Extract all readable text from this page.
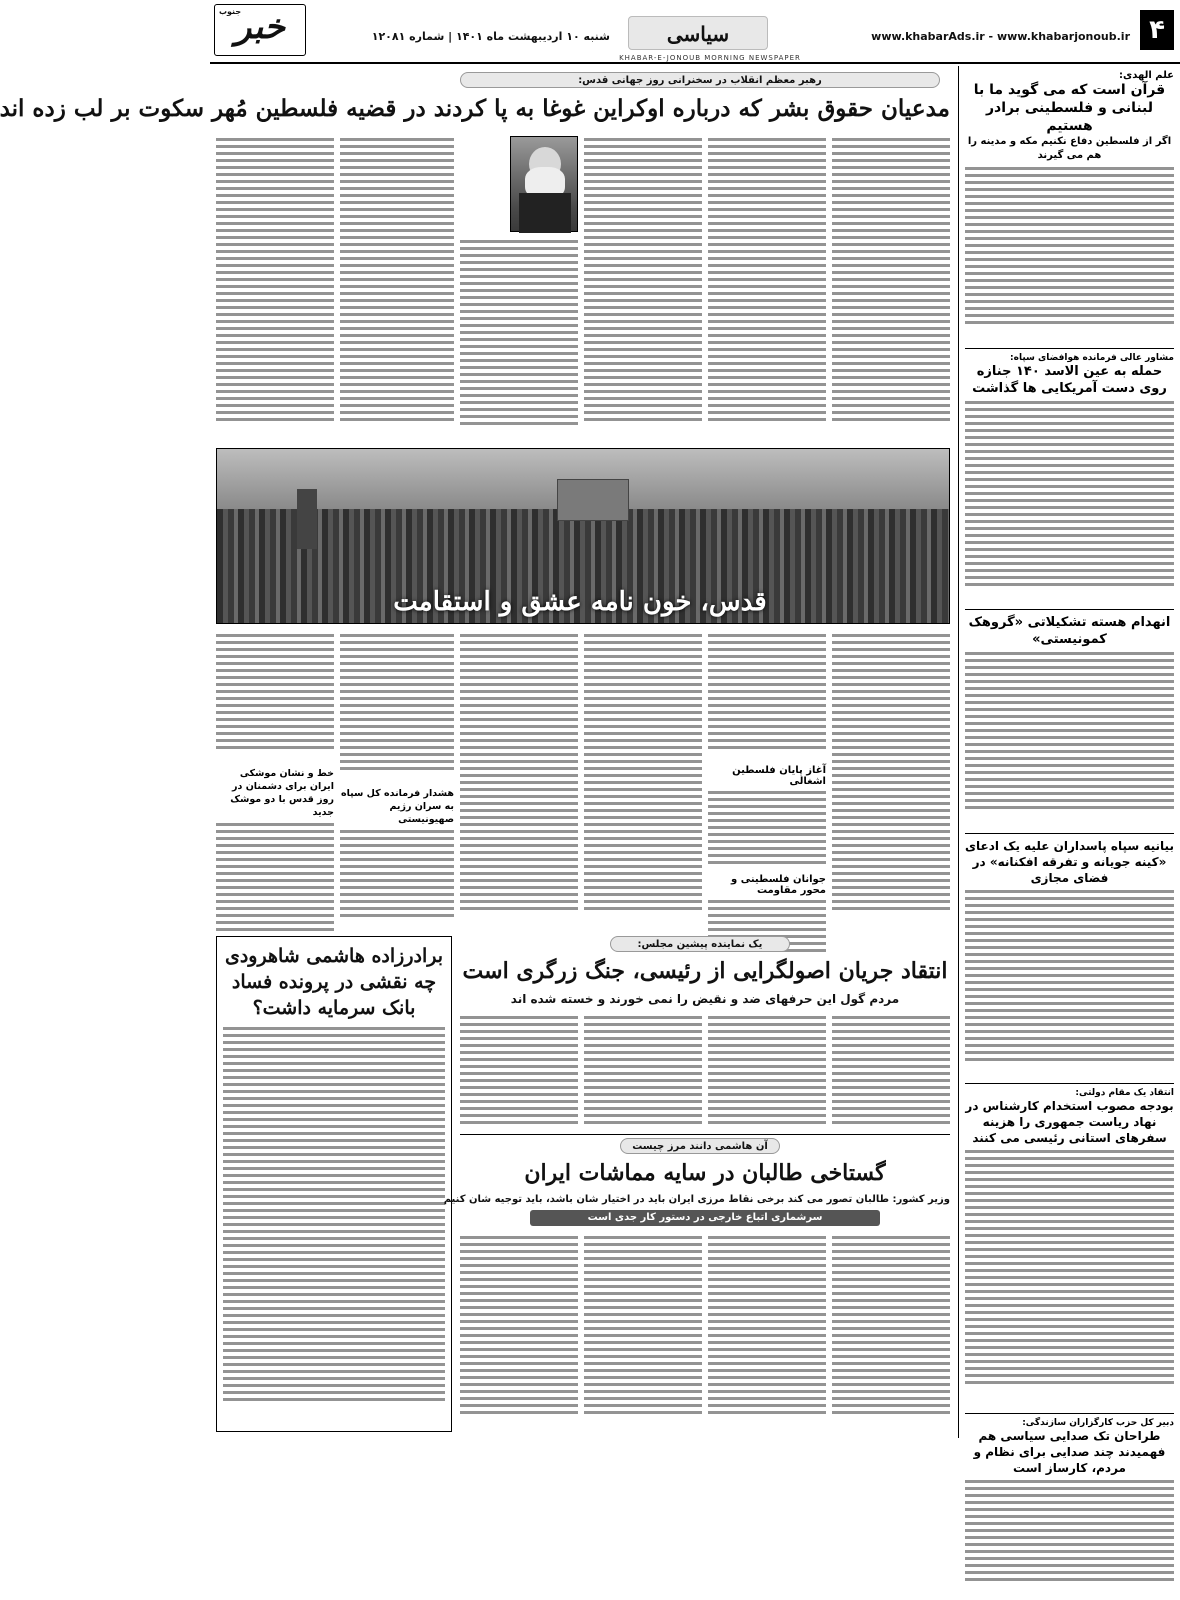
۴
www.khabarAds.ir - www.khabarjonoub.ir
سیاسی
شنبه ۱۰ اردیبهشت ماه ۱۴۰۱ | شماره ۱۲۰۸۱
خبر
جنوب
KHABAR-E-JONOUB MORNING NEWSPAPER
علم الهدی:
قرآن است که می گوید ما با لبنانی و فلسطینی برادر هستیم
اگر از فلسطین دفاع نکنیم مکه و مدینه را هم می گیرند
مشاور عالی فرمانده هوافضای سپاه:
حمله به عین الاسد ۱۴۰ جنازه روی دست آمریکایی ها گذاشت
انهدام هسته تشکیلاتی «گروهک کمونیستی»
بیانیه سپاه پاسداران علیه یک ادعای «کینه جویانه و تفرقه افکنانه» در فضای مجازی
انتقاد یک مقام دولتی:
بودجه مصوب استخدام کارشناس در نهاد ریاست جمهوری را هزینه سفرهای استانی رئیسی می کنند
دبیر کل حزب کارگزاران سازندگی:
طراحان تک صدایی سیاسی هم فهمیدند چند صدایی برای نظام و مردم، کارساز است
رهبر معظم انقلاب در سخنرانی روز جهانی قدس:
مدعیان حقوق بشر که درباره اوکراین غوغا به پا کردند در قضیه فلسطین مُهر سکوت بر لب زده اند
قدس، خون نامه عشق و استقامت
آغاز پایان فلسطین اشغالی
جوانان فلسطینی و محور مقاومت
هشدار فرمانده کل سپاه به سران رژیم صهیونیستی
خط و نشان موشکی ایران برای دشمنان در روز قدس با دو موشک جدید
برادرزاده هاشمی شاهرودی چه نقشی در پرونده فساد بانک سرمایه داشت؟
یک نماینده پیشین مجلس:
انتقاد جریان اصولگرایی از رئیسی، جنگ زرگری است
مردم گول این حرفهای ضد و نقیض را نمی خورند و خسته شده اند
آن هاشمی دانند مرز چیست
گستاخی طالبان در سایه مماشات ایران
وزیر کشور: طالبان تصور می کند برخی نقاط مرزی ایران باید در اختیار شان باشد، باید توجیه شان کنیم
سرشماری اتباع خارجی در دستور کار جدی است
